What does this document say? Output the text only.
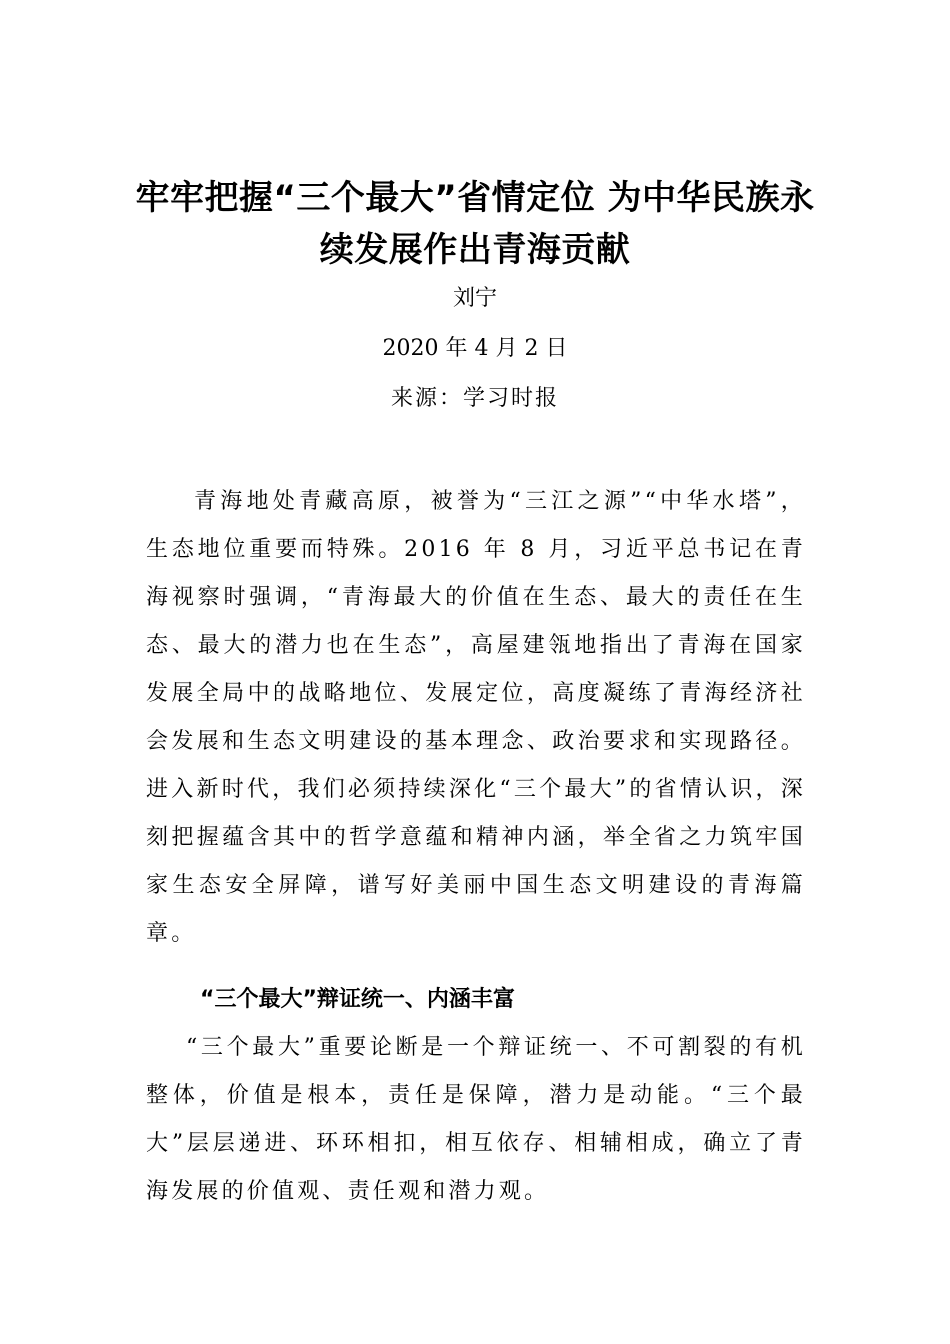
牢牢把握“三个最大”省情定位 为中华民族永续发展作出青海贡献

刘宁

2020 年 4 月 2 日

来源：学习时报

青海地处青藏高原，被誉为“三江之源”“中华水塔”，生态地位重要而特殊。2016 年 8 月，习近平总书记在青海视察时强调，“青海最大的价值在生态、最大的责任在生态、最大的潜力也在生态”，高屋建瓴地指出了青海在国家发展全局中的战略地位、发展定位，高度凝练了青海经济社会发展和生态文明建设的基本理念、政治要求和实现路径。进入新时代，我们必须持续深化“三个最大”的省情认识，深刻把握蕴含其中的哲学意蕴和精神内涵，举全省之力筑牢国家生态安全屏障，谱写好美丽中国生态文明建设的青海篇章。

“三个最大”辩证统一、内涵丰富

“三个最大”重要论断是一个辩证统一、不可割裂的有机整体，价值是根本，责任是保障，潜力是动能。“三个最大”层层递进、环环相扣，相互依存、相辅相成，确立了青海发展的价值观、责任观和潜力观。
